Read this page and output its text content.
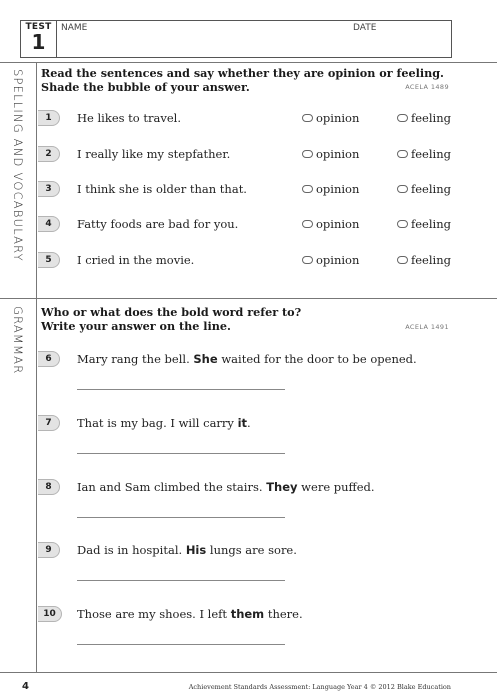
TEST
1
NAME	DATE
SPELLING AND VOCABULARY Read the sentences and say whether they are opinion or feeling.
Shade the bubble of your answer.	ACELA 1489
1	He likes to travel.	opinion	feeling
2	I really like my stepfather.	opinion	feeling
3	I think she is older than that.	opinion	feeling
4	Fatty foods are bad for you.	opinion	feeling
5	I cried in the movie.	opinion	feeling
GRAMMAR Who or what does the bold word refer to?
Write your answer on the line.	ACELA 1491
6	Mary rang the bell. She waited for the door to be opened.
7	That is my bag. I will carry it.
8	Ian and Sam climbed the stairs. They were puffed.
9	Dad is in hospital. His lungs are sore.
10	Those are my shoes. I left them there.
4	Achievement Standards Assessment: Language Year 4 © 2012 Blake Education
